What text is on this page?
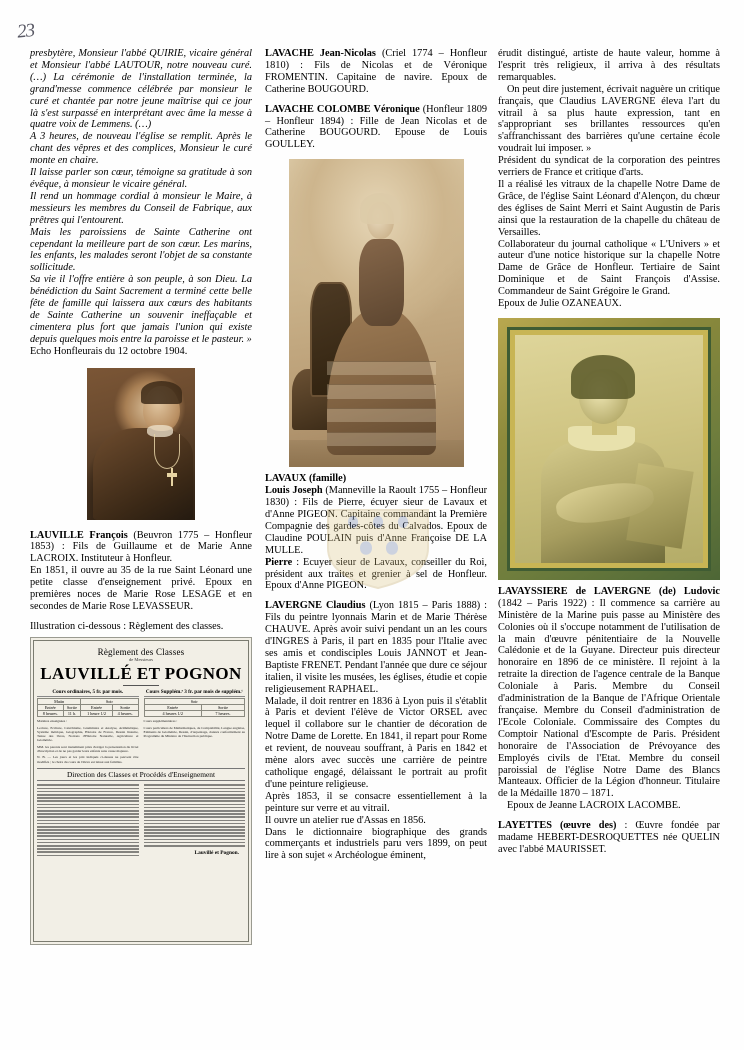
23

presbytère, Monsieur l'abbé QUIRIE, vicaire général et Monsieur l'abbé LAUTOUR, notre nouveau curé. (…) La cérémonie de l'installation terminée, la grand'messe commence célébrée par monsieur le curé et chantée par notre jeune maîtrise qui ce jour là s'est surpassé en interprétant avec âme la messe à quatre voix de Lemmens. (…)

A 3 heures, de nouveau l'église se remplit. Après le chant des vêpres et des complices, Monsieur le curé monte en chaire.

Il laisse parler son cœur, témoigne sa gratitude à son évêque, à monsieur le vicaire général.

Il rend un hommage cordial à monsieur le Maire, à messieurs les membres du Conseil de Fabrique, aux prêtres qui l'entourent.

Mais les paroissiens de Sainte Catherine ont cependant la meilleure part de son cœur. Les marins, les enfants, les malades seront l'objet de sa constante sollicitude.

Sa vie il l'offre entière à son peuple, à son Dieu. La bénédiction du Saint Sacrement a terminé cette belle fête de famille qui laissera aux cœurs des habitants de Sainte Catherine un souvenir ineffaçable et cimentera plus fort que jamais l'union qui existe depuis quelques mois entre la paroisse et le pasteur. »

Echo Honfleurais du 12 octobre 1904.

LAUVILLE François (Beuvron 1775 – Honfleur 1853) : Fils de Guillaume et de Marie Anne LACROIX. Instituteur à Honfleur.

En 1851, il ouvre au 35 de la rue Saint Léonard une petite classe d'enseignement privé. Epoux en premières noces de Marie Rose LESAGE et en secondes de Marie Rose LEVASSEUR.

Illustration ci-dessous : Règlement des classes.

Règlement des Classes
de Messieurs
LAUVILLÉ ET POGNON
Cours ordinaires, 5 fr. par mois.
Matin		Soir	
Entrée	Sortie	Entrée	Sortie
8 heures.	11 h.	1 heure 1/2	4 heures.
Matières enseignées :
Lecture, Ecriture, Catéchisme, Grammaire et Analyse, Arithmétique, Système métrique, Géographie, Histoire de France, Dessin linéaire, Tenue des livres, Notions d'Histoire Naturelle, Agriculture et Géométrie.
MM. les parents sont instamment priés d'exiger la présentation du livret d'inscription et de ne pas garder leurs enfants sans cause majeure.
N. B. — Les jours et les prix indiqués ci-dessus ne peuvent être modifiés ; le choix du cours de l'élève est laissé aux familles.
Cours Supplém.ᵉ 3 fr. par mois de supplém.ᵗ
Soir	
Entrée	Sortie
4 heures 1/2	7 heures.
Cours supplémentaires :
Cours particuliers de Mathématiques, de Comptabilité, Langue anglaise, Eléments de Géométrie, Dessin, d'Arpentage, donnés conformément au Programme du Ministre de l'Instruction publique.
Direction des Classes et Procédés d'Enseignement
Lauvillé et Pognon.

LAVACHE Jean-Nicolas (Criel 1774 – Honfleur 1810) : Fils de Nicolas et de Véronique FROMENTIN. Capitaine de navire. Epoux de Catherine BOUGOURD.

LAVACHE COLOMBE Véronique (Honfleur 1809 – Honfleur 1894) : Fille de Jean Nicolas et de Catherine BOUGOURD. Epouse de Louis GOULLEY.

LAVAUX (famille)

Louis Joseph (Manneville la Raoult 1755 – Honfleur 1830) : Fils de Pierre, écuyer sieur de Lavaux et d'Anne PIGEON. Capitaine commandant la Première Compagnie des gardes-côtes du Calvados. Epoux de Claudine POULAIN puis d'Anne Françoise DE LA MULLE.

Pierre : Ecuyer sieur de Lavaux, conseiller du Roi, président aux traites et grenier à sel de Honfleur. Epoux d'Anne PIGEON.

LAVERGNE Claudius (Lyon 1815 – Paris 1888) : Fils du peintre lyonnais Marin et de Marie Thérèse CHAUVE. Après avoir suivi pendant un an les cours d'INGRES à Paris, il part en 1835 pour l'Italie avec ses amis et condisciples Louis JANNOT et Jean-Baptiste FRENET. Pendant l'année que dure ce séjour italien, il visite les musées, les églises, étudie et copie religieusement RAPHAEL.

Malade, il doit rentrer en 1836 à Lyon puis il s'établit à Paris et devient l'élève de Victor ORSEL avec lequel il collabore sur le chantier de décoration de Notre Dame de Lorette. En 1841, il repart pour Rome et revient, de nouveau souffrant, à Paris en 1842 et mène alors avec succès une carrière de peintre catholique engagé, délaissant le portrait au profit d'une peinture religieuse.

Après 1853, il se consacre essentiellement à la peinture sur verre et au vitrail.

Il ouvre un atelier rue d'Assas en 1856.

Dans le dictionnaire biographique des grands commerçants et industriels paru vers 1899, on peut lire à son sujet « Archéologue éminent,

érudit distingué, artiste de haute valeur, homme à l'esprit très religieux, il arriva à des résultats remarquables.

On peut dire justement, écrivait naguère un critique français, que Claudius LAVERGNE éleva l'art du vitrail à sa plus haute expression, tant en s'appropriant ses brillantes ressources qu'en s'affranchissant des barrières qu'une certaine école voudrait lui imposer. »

Président du syndicat de la corporation des peintres verriers de France et critique d'arts.

Il a réalisé les vitraux de la chapelle Notre Dame de Grâce, de l'église Saint Léonard d'Alençon, du chœur des églises de Saint Merri et Saint Augustin de Paris ainsi que la restauration de la chapelle du château de Versailles.

Collaborateur du journal catholique « L'Univers » et auteur d'une notice historique sur la chapelle Notre Dame de Grâce de Honfleur. Tertiaire de Saint Dominique et de Saint François d'Assise. Commandeur de Saint Grégoire le Grand.

Epoux de Julie OZANEAUX.

LAVAYSSIERE de LAVERGNE (de) Ludovic (1842 – Paris 1922) : Il commence sa carrière au Ministère de la Marine puis passe au Ministère des Colonies où il s'occupe notamment de l'utilisation de la main d'œuvre pénitentiaire de la Nouvelle Calédonie et de la Guyane. Directeur puis directeur honoraire en 1896 de ce ministère. Il rejoint à la retraite la direction de l'agence centrale de la Banque Coloniale à Paris. Membre du Conseil d'administration de la Banque de l'Afrique Orientale française. Membre du Conseil d'administration de l'Ecole Coloniale. Commissaire des Comptes du Comptoir National d'Escompte de Paris. Président honoraire de l'Association de Prévoyance des Employés civils de l'Etat. Membre du conseil paroissial de l'église Notre Dame des Blancs Manteaux. Officier de la Légion d'honneur. Titulaire de la Médaille 1870 – 1871.

Epoux de Jeanne LACROIX LACOMBE.

LAYETTES (œuvre des) : Œuvre fondée par madame HEBERT-DESROQUETTES née QUELIN avec l'abbé MAURISSET.
